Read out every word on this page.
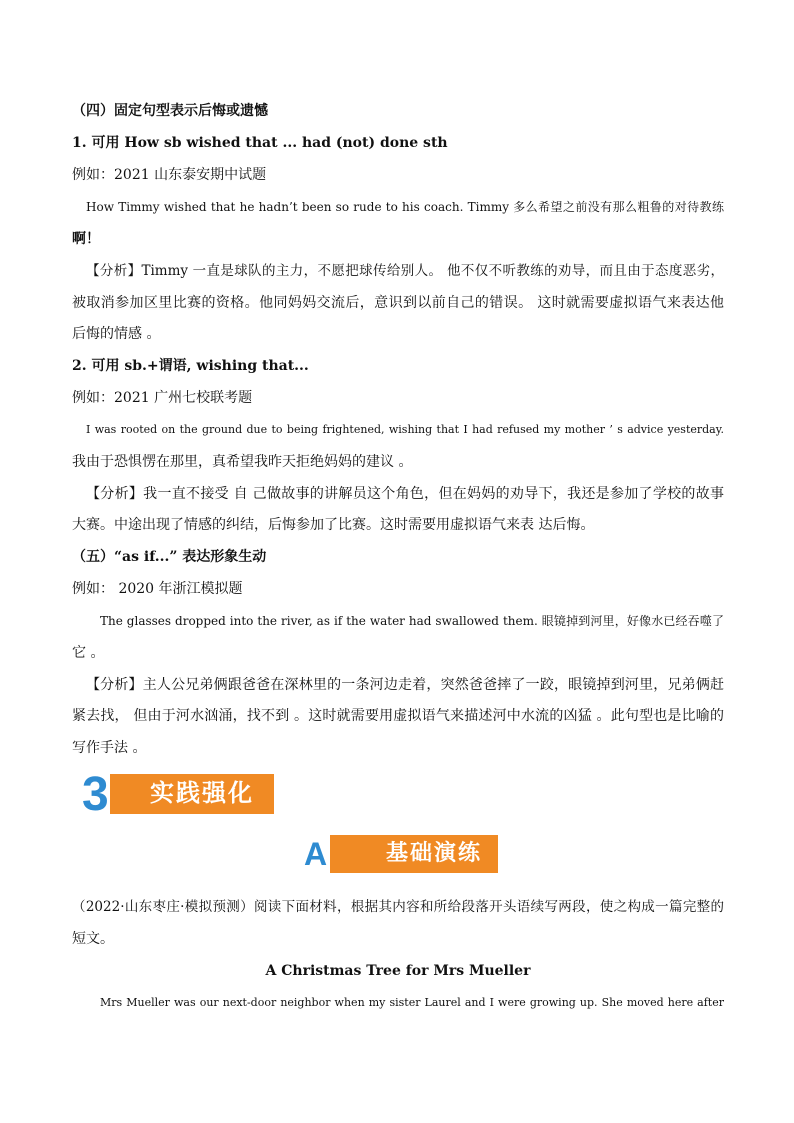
（四）固定句型表示后悔或遗憾
1. 可用 How sb wished that ... had (not) done sth
例如：2021 山东泰安期中试题
How Timmy wished that he hadn’t been so rude to his coach. Timmy 多么希望之前没有那么粗鲁的对待教练
啊！
【分析】Timmy 一直是球队的主力，不愿把球传给别人。 他不仅不听教练的劝导，而且由于态度恶劣，
被取消参加区里比赛的资格。他同妈妈交流后，意识到以前自己的错误。 这时就需要虚拟语气来表达他
后悔的情感 。
2. 可用 sb.+谓语, wishing that...
例如：2021 广州七校联考题
I was rooted on the ground due to being frightened, wishing that I had refused my mother ’ s advice yesterday.
我由于恐惧愣在那里，真希望我昨天拒绝妈妈的建议 。
【分析】我一直不接受 自 己做故事的讲解员这个角色，但在妈妈的劝导下，我还是参加了学校的故事
大赛。中途出现了情感的纠结，后悔参加了比赛。这时需要用虚拟语气来表 达后悔。
（五）“as if...” 表达形象生动
例如： 2020 年浙江模拟题
The glasses dropped into the river, as if the water had swallowed them. 眼镜掉到河里，好像水已经吞噬了
它 。
【分析】主人公兄弟俩跟爸爸在深林里的一条河边走着，突然爸爸摔了一跤，眼镜掉到河里，兄弟俩赶
紧去找， 但由于河水汹涌，找不到 。这时就需要用虚拟语气来描述河中水流的凶猛 。此句型也是比喻的
写作手法 。
实践强化
3
基础演练
A
（2022·山东枣庄·模拟预测）阅读下面材料，根据其内容和所给段落开头语续写两段，使之构成一篇完整的
短文。
A Christmas Tree for Mrs Mueller
Mrs Mueller was our next-door neighbor when my sister Laurel and I were growing up. She moved here after
